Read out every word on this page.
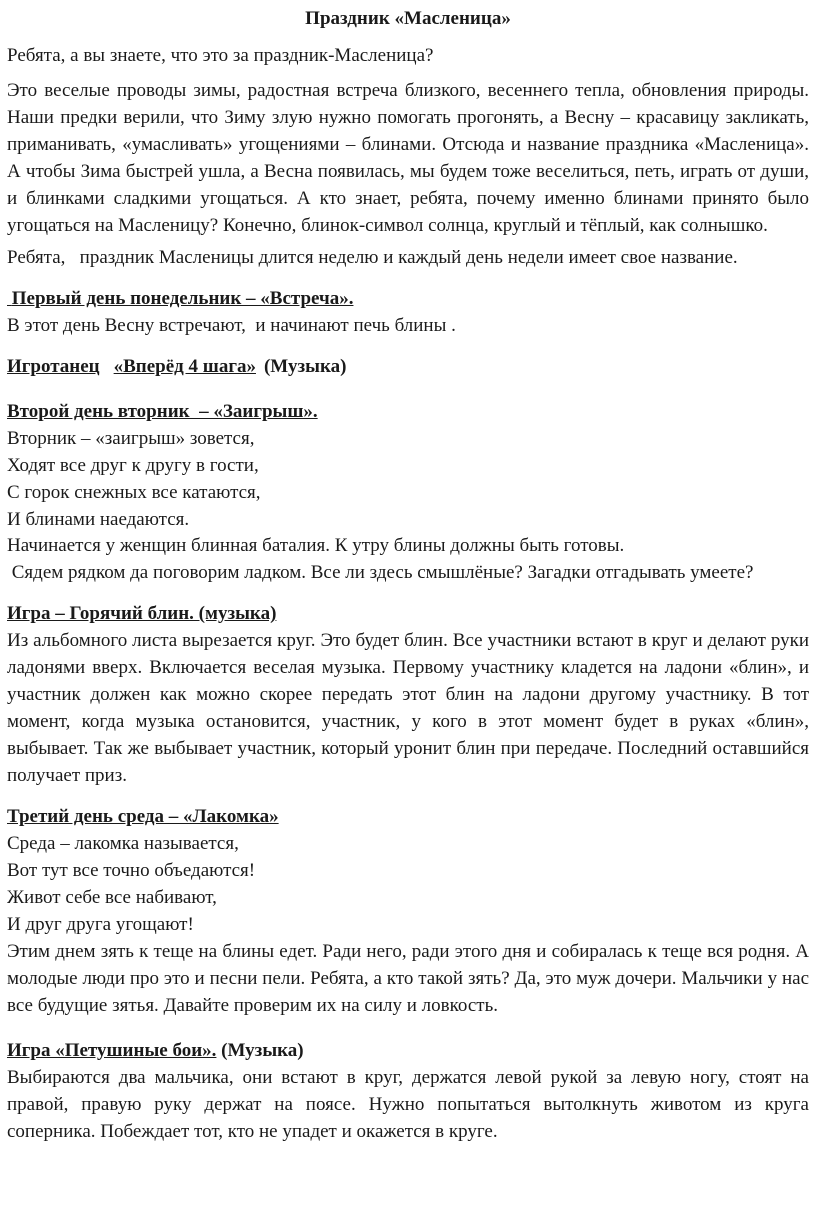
Праздник «Масленица»
Ребята, а вы знаете, что это за праздник-Масленица?
Это веселые проводы зимы, радостная встреча близкого, весеннего тепла, обновления природы. Наши предки верили, что Зиму злую нужно помогать прогонять, а Весну – красавицу закликать, приманивать, «умасливать» угощениями – блинами. Отсюда и название праздника «Масленица». А чтобы Зима быстрей ушла, а Весна появилась, мы будем тоже веселиться, петь, играть от души, и блинками сладкими угощаться. А кто знает, ребята, почему именно блинами принято было угощаться на Масленицу? Конечно, блинок-символ солнца, круглый и тёплый, как солнышко.
Ребята,   праздник Масленицы длится неделю и каждый день недели имеет свое название.
Первый день понедельник – «Встреча».
В этот день Весну встречают,  и начинают печь блины .
Игротанец «Вперёд 4 шага» (Музыка)
Второй день вторник  – «Заигрыш».
Вторник – «заигрыш» зовется,
Ходят все друг к другу в гости,
С горок снежных все катаются,
И блинами наедаются.
Начинается у женщин блинная баталия. К утру блины должны быть готовы.
Сядем рядком да поговорим ладком. Все ли здесь смышлёные? Загадки отгадывать умеете?
Игра – Горячий блин. (музыка)
Из альбомного листа вырезается круг. Это будет блин. Все участники встают в круг и делают руки ладонями вверх. Включается веселая музыка. Первому участнику кладется на ладони «блин», и участник должен как можно скорее передать этот блин на ладони другому участнику. В тот момент, когда музыка остановится, участник, у кого в этот момент будет в руках «блин», выбывает. Так же выбывает участник, который уронит блин при передаче. Последний оставшийся получает приз.
Третий день среда – «Лакомка»
Среда – лакомка называется,
Вот тут все точно объедаются!
Живот себе все набивают,
И друг друга угощают!
Этим днем зять к теще на блины едет. Ради него, ради этого дня и собиралась к теще вся родня. А молодые люди про это и песни пели. Ребята, а кто такой зять? Да, это муж дочери. Мальчики у нас все будущие зятья. Давайте проверим их на силу и ловкость.
Игра «Петушиные бои». (Музыка)
Выбираются два мальчика, они встают в круг, держатся левой рукой за левую ногу, стоят на правой, правую руку держат на поясе. Нужно попытаться вытолкнуть животом из круга соперника. Побеждает тот, кто не упадет и окажется в круге.
